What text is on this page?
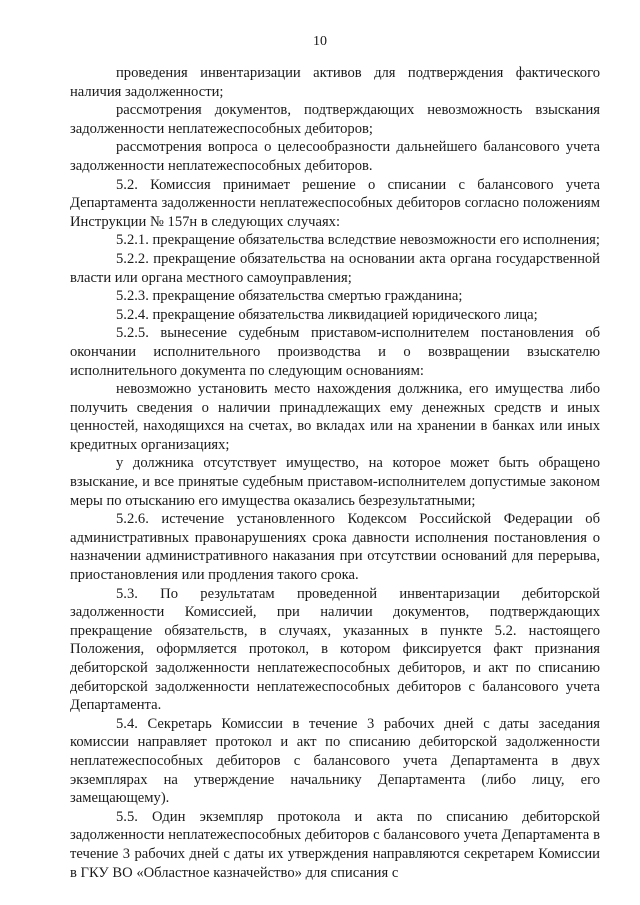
10

проведения инвентаризации активов для подтверждения фактического наличия задолженности;

рассмотрения документов, подтверждающих невозможность взыскания задолженности неплатежеспособных дебиторов;

рассмотрения вопроса о целесообразности дальнейшего балансового учета задолженности неплатежеспособных дебиторов.

5.2. Комиссия принимает решение о списании с балансового учета Департамента задолженности неплатежеспособных дебиторов согласно положениям Инструкции № 157н в следующих случаях:

5.2.1. прекращение обязательства вследствие невозможности его исполнения;

5.2.2. прекращение обязательства на основании акта органа государственной власти или органа местного самоуправления;

5.2.3. прекращение обязательства смертью гражданина;

5.2.4. прекращение обязательства ликвидацией юридического лица;

5.2.5. вынесение судебным приставом-исполнителем постановления об окончании исполнительного производства и о возвращении взыскателю исполнительного документа по следующим основаниям:

невозможно установить место нахождения должника, его имущества либо получить сведения о наличии принадлежащих ему денежных средств и иных ценностей, находящихся на счетах, во вкладах или на хранении в банках или иных кредитных организациях;

у должника отсутствует имущество, на которое может быть обращено взыскание, и все принятые судебным приставом-исполнителем допустимые законом меры по отысканию его имущества оказались безрезультатными;

5.2.6. истечение установленного Кодексом Российской Федерации об административных правонарушениях срока давности исполнения постановления о назначении административного наказания при отсутствии оснований для перерыва, приостановления или продления такого срока.

5.3. По результатам проведенной инвентаризации дебиторской задолженности Комиссией, при наличии документов, подтверждающих прекращение обязательств, в случаях, указанных в пункте 5.2. настоящего Положения, оформляется протокол, в котором фиксируется факт признания дебиторской задолженности неплатежеспособных дебиторов, и акт по списанию дебиторской задолженности неплатежеспособных дебиторов с балансового учета Департамента.

5.4. Секретарь Комиссии в течение 3 рабочих дней с даты заседания комиссии направляет протокол и акт по списанию дебиторской задолженности неплатежеспособных дебиторов с балансового учета Департамента в двух экземплярах на утверждение начальнику Департамента (либо лицу, его замещающему).

5.5. Один экземпляр протокола и акта по списанию дебиторской задолженности неплатежеспособных дебиторов с балансового учета Департамента в течение 3 рабочих дней с даты их утверждения направляются секретарем Комиссии в ГКУ ВО «Областное казначейство» для списания с
